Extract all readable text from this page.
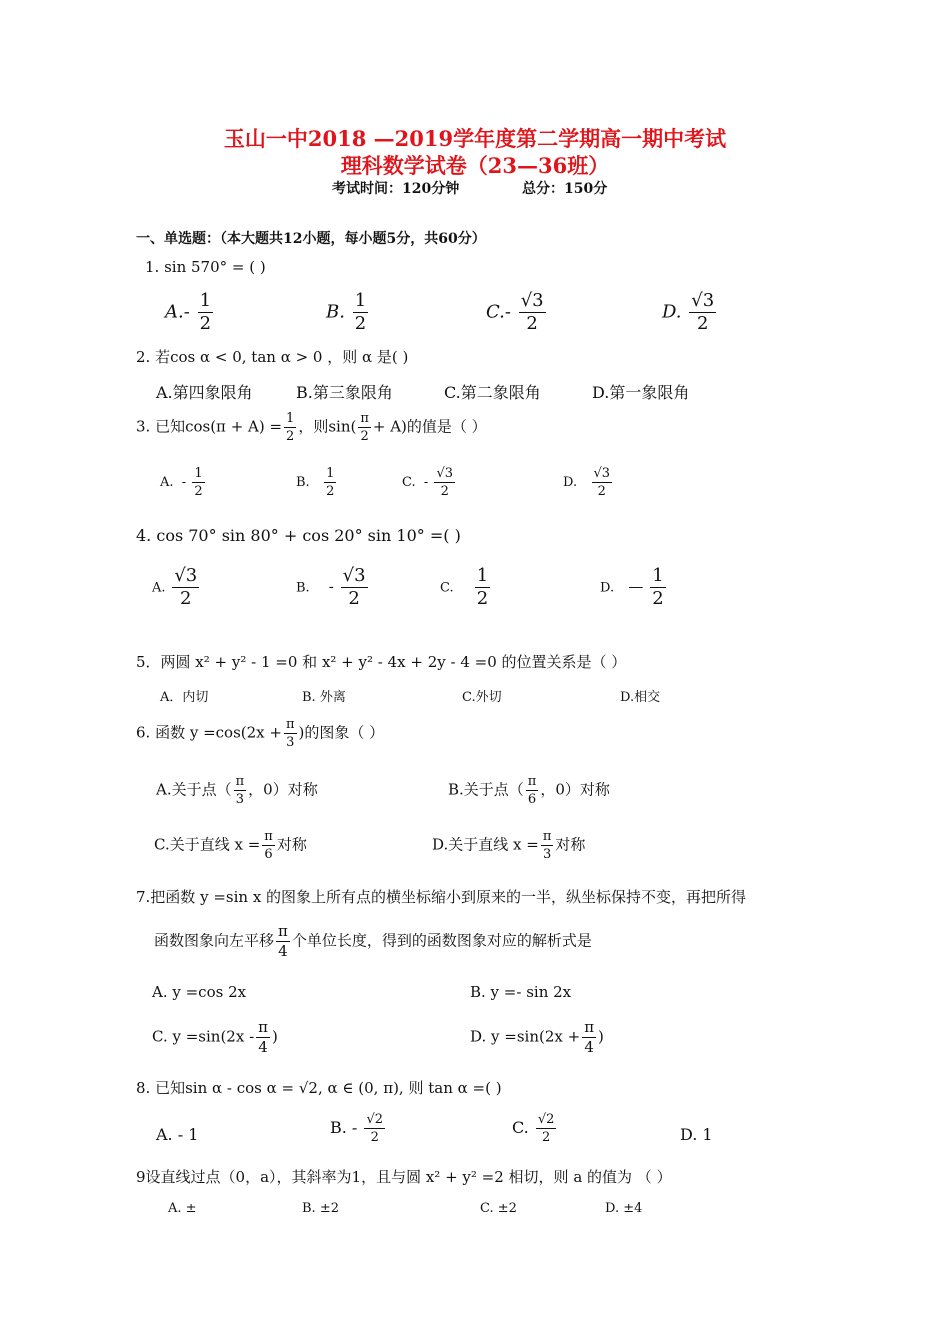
玉山一中2018 —2019学年度第二学期高一期中考试
理科数学试卷（23—36班）
考试时间：120分钟	总分：150分
一、单选题：（本大题共12小题，每小题5分，共60分）
1. sin 570° = ( )
$A.- \frac{1}{2}$	B. $\frac{1}{2}$	$C.- \frac{√3}{2}$	D. $\frac{√3}{2}$
2. 若cos α < 0, tan α > 0 ，则 α 是( )
A.第四象限角	B.第三象限角	C.第二象限角	D.第一象限角
3. 已知$\cos(\pi + A) = \frac{1}{2}$ ，则$\sin( \frac{\pi}{2} + A)$的值是（ ）
A. - $\frac{1}{2}$	B. $\frac{1}{2}$	C. - $\frac{√3}{2}$	D. $\frac{√3}{2}$
4. cos 70° sin 80° + cos 20° sin 10° =( )
A. $\frac{√3}{2}$	B. - $\frac{√3}{2}$	C. $\frac{1}{2}$	D. — $\frac{1}{2}$
5．两圆 x² + y² - 1 =0 和 x² + y² - 4x + 2y - 4 =0 的位置关系是（ ）
A．内切	B. 外离	C.外切	D.相交
6. 函数 $y =\cos(2x + \frac{\pi}{3}$ )的图象（ ）
A.关于点（ $\frac{\pi}{3}$ ，0）对称	B.关于点（ $\frac{\pi}{6}$ ，0）对称
C.关于直线 $x = \frac{\pi}{6}$ 对称	D.关于直线 $x = \frac{\pi}{3}$ 对称
7.把函数 y =sin x 的图象上所有点的横坐标缩小到原来的一半，纵坐标保持不变，再把所得
函数图象向左平移 $\frac{\pi}{4}$ 个单位长度，得到的函数图象对应的解析式是
A. y =cos 2x	B. y =- sin 2x
C. $y =\sin(2x - \frac{\pi}{4}$ )	D. $y =\sin(2x + \frac{\pi}{4}$ )
8. 已知sin α - cos α = √2, α ∈ (0, π), 则 tan α =( )
A. - 1	B. - $\frac{√2}{2}$	C. $\frac{√2}{2}$	D. 1
9设直线过点（0，a），其斜率为1，且与圆 x² + y² =2 相切，则 a 的值为 （ ）
A. ±	B. ±2	C. ±2	D. ±4
